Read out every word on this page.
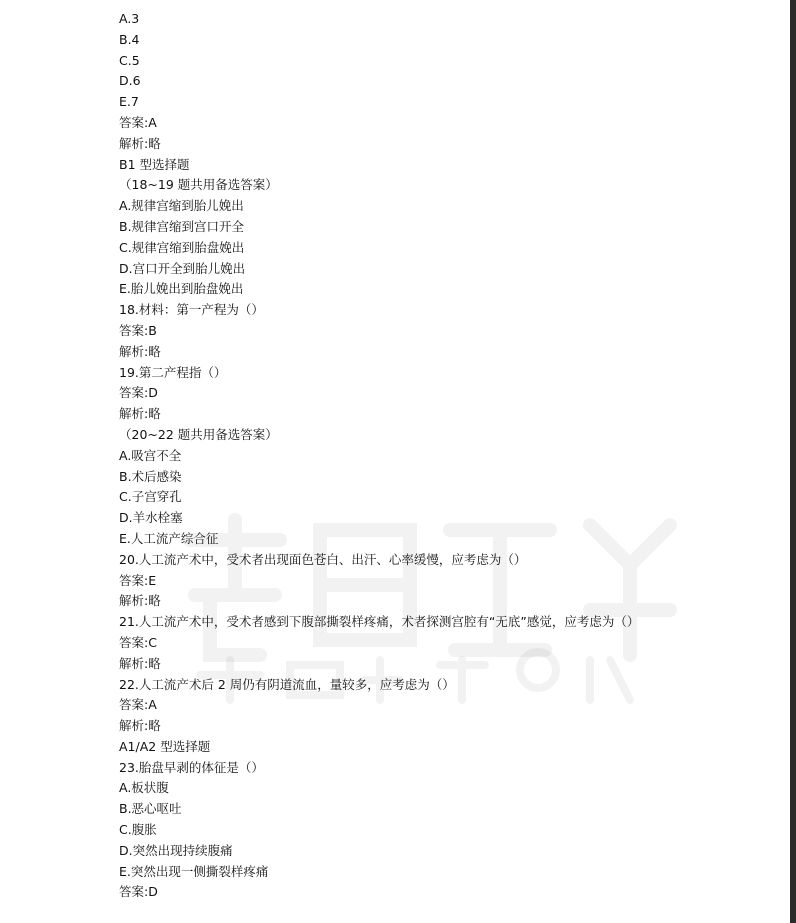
A.3
B.4
C.5
D.6
E.7
答案:A
解析:略
B1 型选择题
（18~19 题共用备选答案）
A.规律宫缩到胎儿娩出
B.规律宫缩到宫口开全
C.规律宫缩到胎盘娩出
D.宫口开全到胎儿娩出
E.胎儿娩出到胎盘娩出
18.材料：第一产程为（）
答案:B
解析:略
19.第二产程指（）
答案:D
解析:略
（20~22 题共用备选答案）
A.吸宫不全
B.术后感染
C.子宫穿孔
D.羊水栓塞
E.人工流产综合征
20.人工流产术中，受术者出现面色苍白、出汗、心率缓慢，应考虑为（）
答案:E
解析:略
21.人工流产术中，受术者感到下腹部撕裂样疼痛，术者探测宫腔有“无底”感觉，应考虑为（）
答案:C
解析:略
22.人工流产术后 2 周仍有阴道流血，量较多，应考虑为（）
答案:A
解析:略
A1/A2 型选择题
23.胎盘早剥的体征是（）
A.板状腹
B.恶心呕吐
C.腹胀
D.突然出现持续腹痛
E.突然出现一侧撕裂样疼痛
答案:D
